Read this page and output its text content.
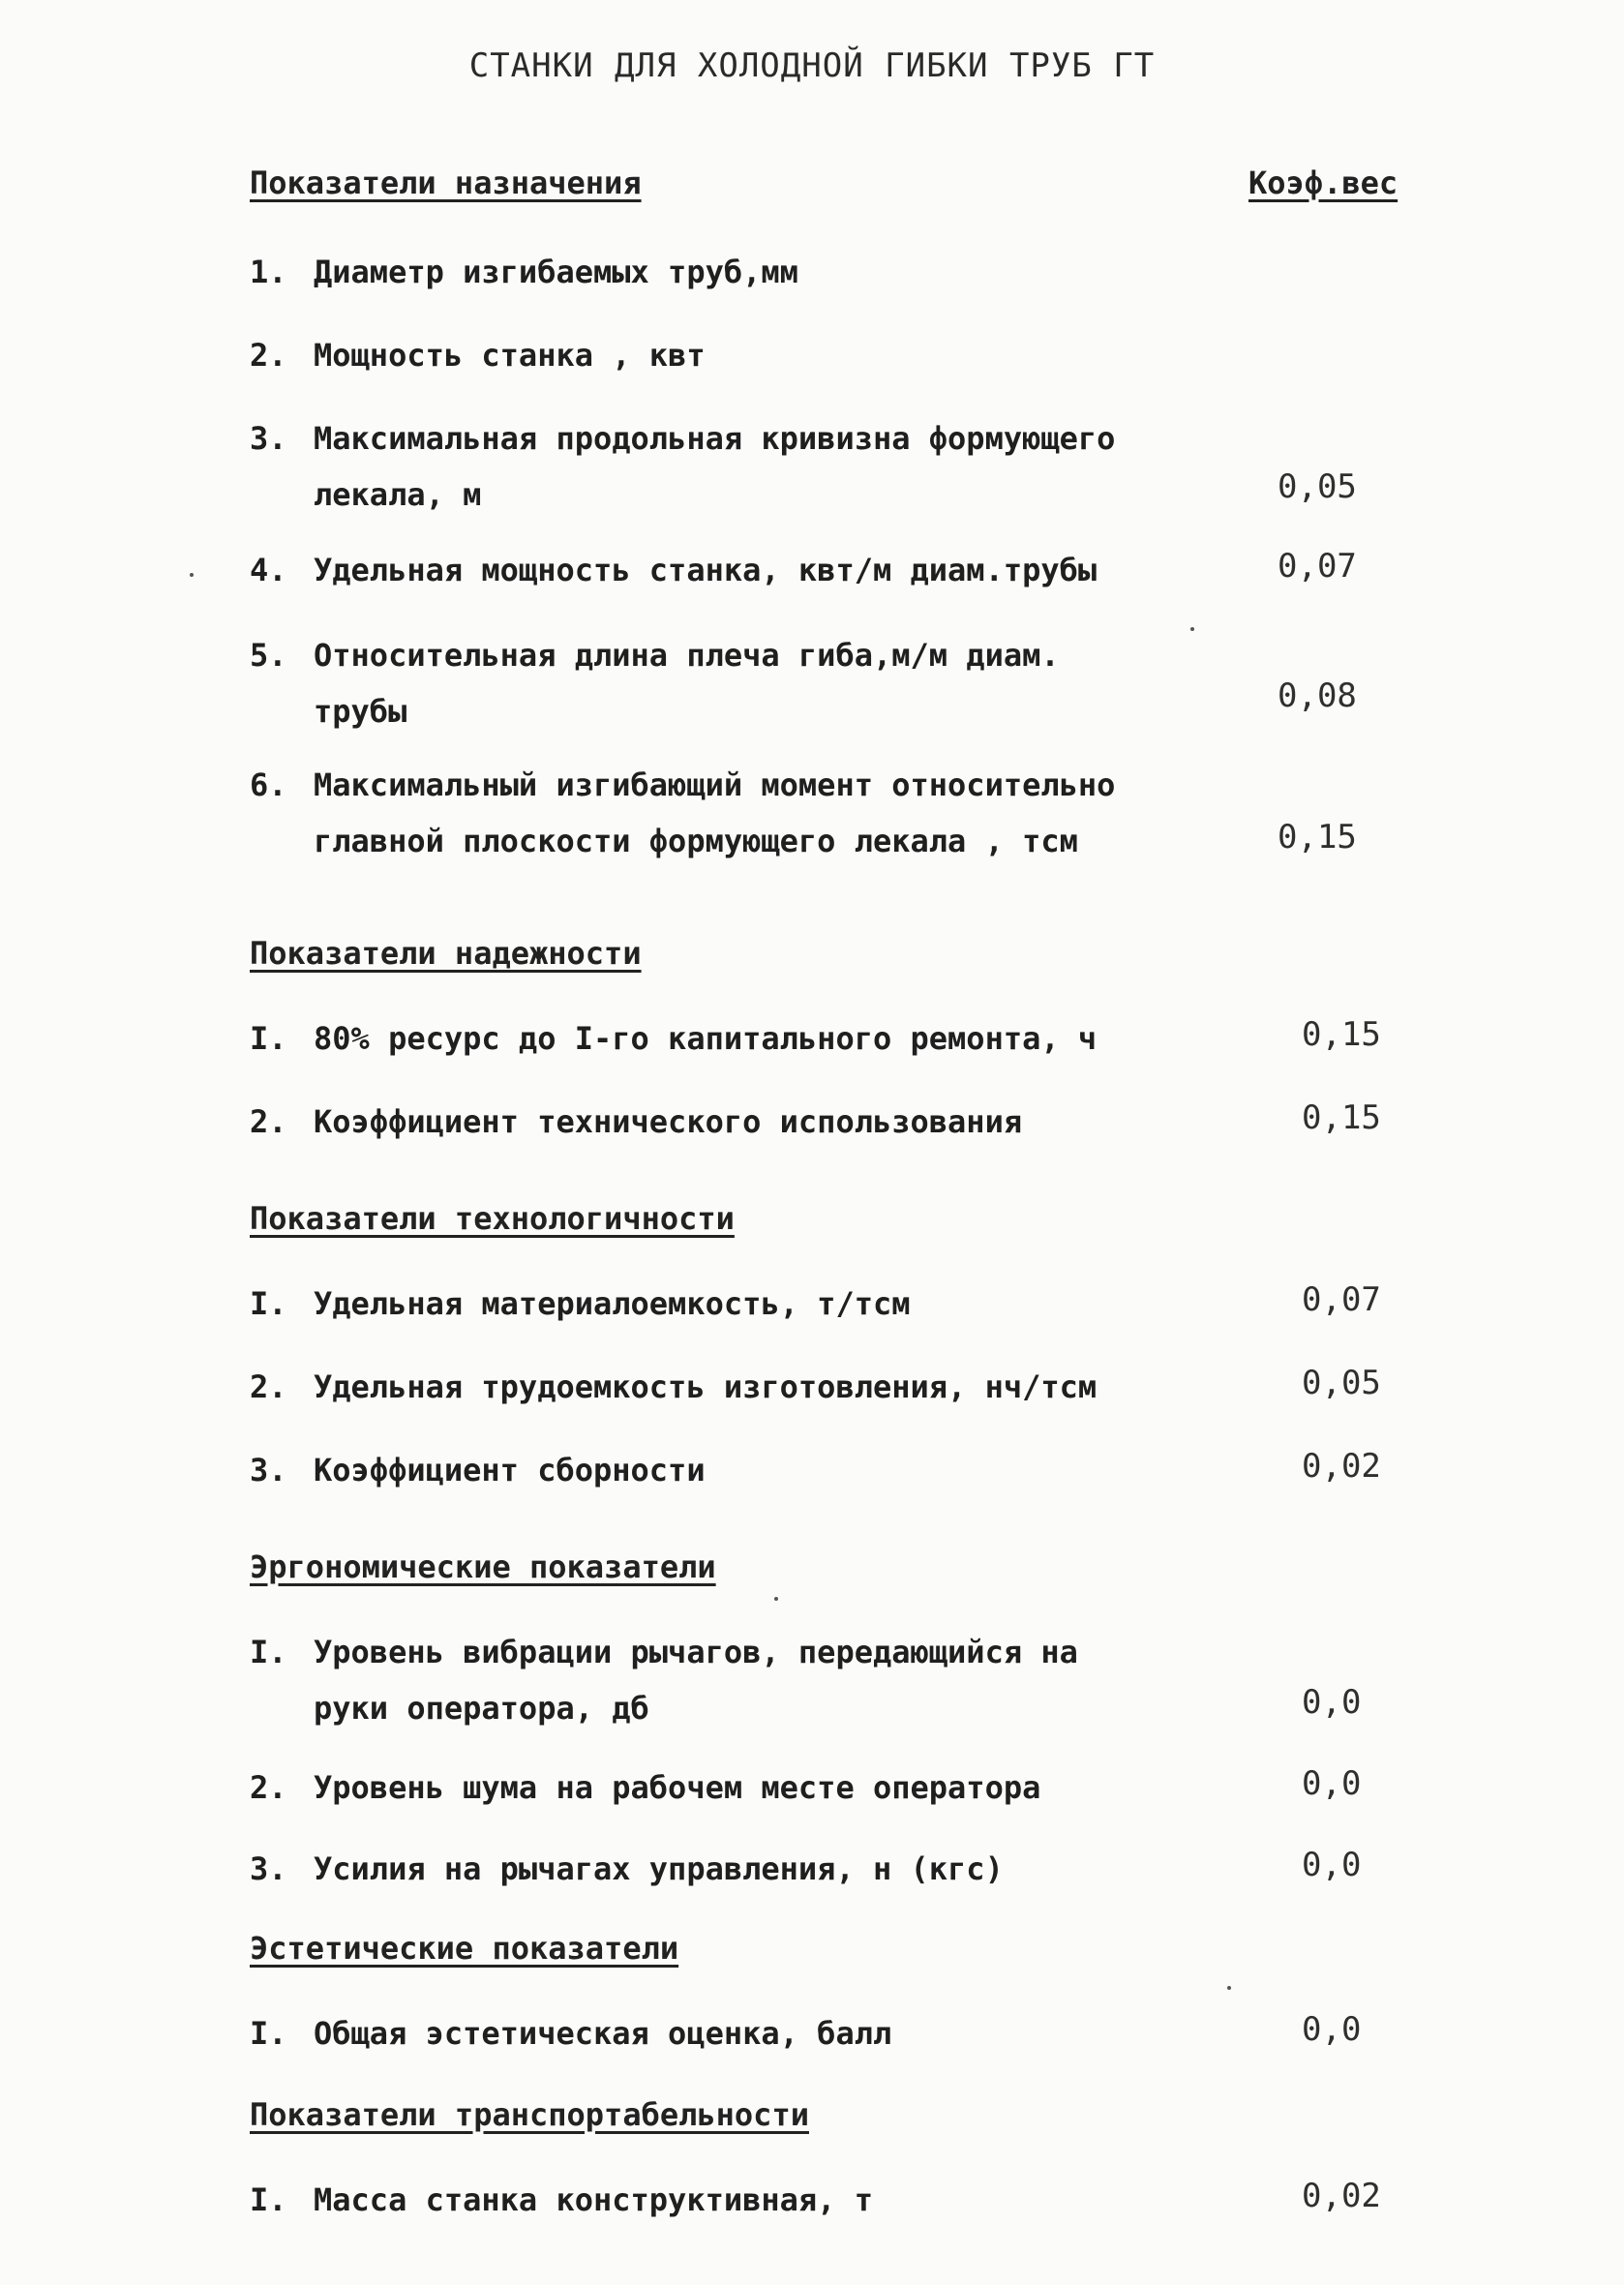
СТАНКИ ДЛЯ ХОЛОДНОЙ ГИБКИ ТРУБ ГТ
Коэф.вес
Показатели назначения
1. Диаметр изгибаемых труб,мм
2. Мощность станка , квт
3. Максимальная продольная кривизна формующего
лекала, м	0,05
4. Удельная мощность станка, квт/м диам.трубы	0,07
5. Относительная длина плеча гиба,м/м диам.
трубы	0,08
6. Максимальный изгибающий момент относительно
главной плоскости формующего лекала , тсм	0,15
Показатели надежности
I. 80% ресурс до I-го капитального ремонта, ч	0,15
2. Коэффициент технического использования	0,15
Показатели технологичности
I. Удельная материалоемкость, т/тсм	0,07
2. Удельная трудоемкость изготовления, нч/тсм	0,05
3. Коэффициент сборности	0,02
Эргономические показатели
I. Уровень вибрации рычагов, передающийся на
руки оператора, дб	0,0
2. Уровень шума на рабочем месте оператора	0,0
3. Усилия на рычагах управления, н (кгс)	0,0
Эстетические показатели
I. Общая эстетическая оценка, балл	0,0
Показатели транспортабельности
I. Масса станка конструктивная, т	0,02
